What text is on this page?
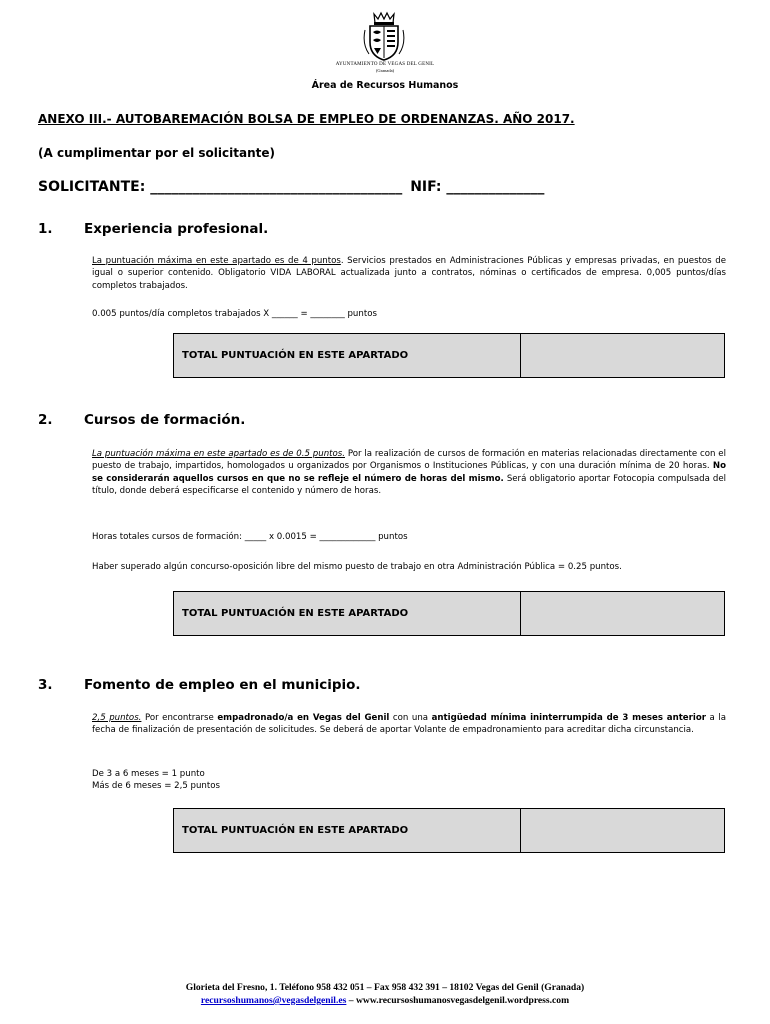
AYUNTAMIENTO DE VEGAS DEL GENIL
(Granada)
Área de Recursos Humanos
ANEXO III.- AUTOBAREMACIÓN BOLSA DE EMPLEO DE ORDENANZAS. AÑO 2017.
(A cumplimentar por el solicitante)
SOLICITANTE: ____________________________________ NIF: ______________
1. Experiencia profesional.
La puntuación máxima en este apartado es de 4 puntos. Servicios prestados en Administraciones Públicas y empresas privadas, en puestos de igual o superior contenido. Obligatorio VIDA LABORAL actualizada junto a contratos, nóminas o certificados de empresa. 0,005 puntos/días completos trabajados.
0.005 puntos/día completos trabajados X ______ = ________ puntos
TOTAL PUNTUACIÓN EN ESTE APARTADO
2. Cursos de formación.
La puntuación máxima en este apartado es de 0.5 puntos. Por la realización de cursos de formación en materias relacionadas directamente con el puesto de trabajo, impartidos, homologados u organizados por Organismos o Instituciones Públicas, y con una duración mínima de 20 horas. No se considerarán aquellos cursos en que no se refleje el número de horas del mismo. Será obligatorio aportar Fotocopia compulsada del título, donde deberá especificarse el contenido y número de horas.
Horas totales cursos de formación: _____ x 0.0015 = _____________ puntos
Haber superado algún concurso-oposición libre del mismo puesto de trabajo en otra Administración Pública = 0.25 puntos.
TOTAL PUNTUACIÓN EN ESTE APARTADO
3. Fomento de empleo en el municipio.
2,5 puntos. Por encontrarse empadronado/a en Vegas del Genil con una antigüedad mínima ininterrumpida de 3 meses anterior a la fecha de finalización de presentación de solicitudes. Se deberá de aportar Volante de empadronamiento para acreditar dicha circunstancia.
De 3 a 6 meses = 1 punto
Más de 6 meses = 2,5 puntos
TOTAL PUNTUACIÓN EN ESTE APARTADO
Glorieta del Fresno, 1. Teléfono 958 432 051 – Fax 958 432 391 – 18102 Vegas del Genil (Granada)
recursoshumanos@vegasdelgenil.es – www.recursoshumanosvegasdelgenil.wordpress.com
